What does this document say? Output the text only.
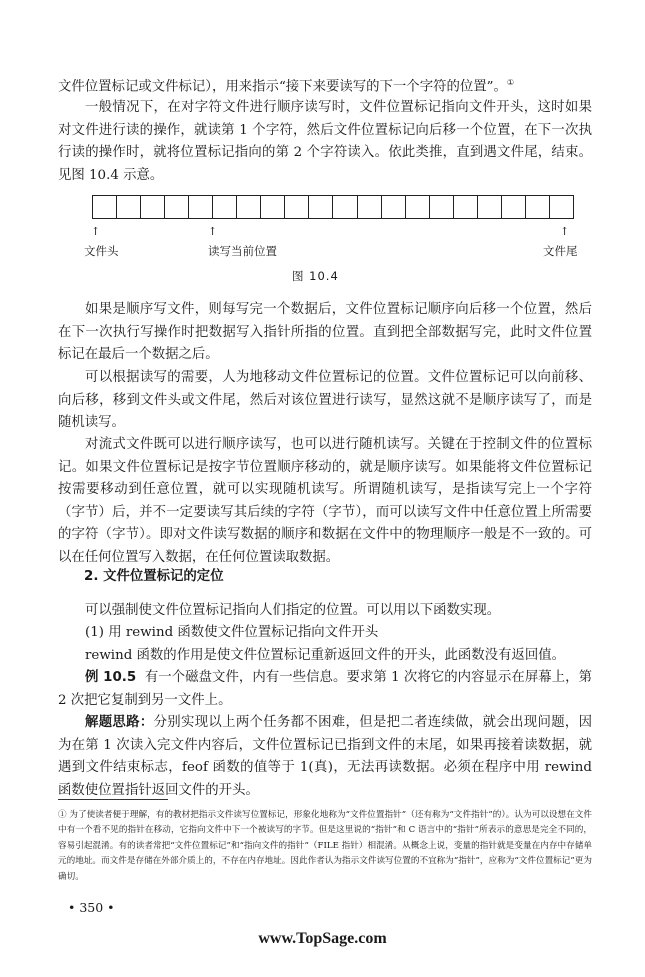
文件位置标记或文件标记），用来指示“接下来要读写的下一个字符的位置”。①

一般情况下，在对字符文件进行顺序读写时，文件位置标记指向文件开头，这时如果对文件进行读的操作，就读第 1 个字符，然后文件位置标记向后移一个位置，在下一次执行读的操作时，就将位置标记指向的第 2 个字符读入。依此类推，直到遇文件尾，结束。见图 10.4 示意。

↑	↑	↑
文件头	读写当前位置	文件尾
图 10.4

如果是顺序写文件，则每写完一个数据后，文件位置标记顺序向后移一个位置，然后在下一次执行写操作时把数据写入指针所指的位置。直到把全部数据写完，此时文件位置标记在最后一个数据之后。

可以根据读写的需要，人为地移动文件位置标记的位置。文件位置标记可以向前移、向后移，移到文件头或文件尾，然后对该位置进行读写，显然这就不是顺序读写了，而是随机读写。

对流式文件既可以进行顺序读写，也可以进行随机读写。关键在于控制文件的位置标记。如果文件位置标记是按字节位置顺序移动的，就是顺序读写。如果能将文件位置标记按需要移动到任意位置，就可以实现随机读写。所谓随机读写，是指读写完上一个字符（字节）后，并不一定要读写其后续的字符（字节），而可以读写文件中任意位置上所需要的字符（字节）。即对文件读写数据的顺序和数据在文件中的物理顺序一般是不一致的。可以在任何位置写入数据，在任何位置读取数据。

2. 文件位置标记的定位

可以强制使文件位置标记指向人们指定的位置。可以用以下函数实现。

(1) 用 rewind 函数使文件位置标记指向文件开头

rewind 函数的作用是使文件位置标记重新返回文件的开头，此函数没有返回值。

例 10.5 有一个磁盘文件，内有一些信息。要求第 1 次将它的内容显示在屏幕上，第 2 次把它复制到另一文件上。

解题思路：分别实现以上两个任务都不困难，但是把二者连续做，就会出现问题，因为在第 1 次读入完文件内容后，文件位置标记已指到文件的末尾，如果再接着读数据，就遇到文件结束标志，feof 函数的值等于 1(真)，无法再读数据。必须在程序中用 rewind 函数使位置指针返回文件的开头。

① 为了使读者便于理解，有的教材把指示文件读写位置标记，形象化地称为“文件位置指针”（还有称为“文件指针”的）。认为可以设想在文件中有一个看不见的指针在移动，它指向文件中下一个被读写的字节。但是这里说的“指针”和 C 语言中的“指针”所表示的意思是完全不同的，容易引起混淆。有的读者常把“文件位置标记”和“指向文件的指针”（FILE 指针）相混淆。从概念上说，变量的指针就是变量在内存中存储单元的地址。而文件是存储在外部介质上的，不存在内存地址。因此作者认为指示文件读写位置的不宜称为“指针”，应称为“文件位置标记”更为确切。

• 350 •
www.TopSage.com
